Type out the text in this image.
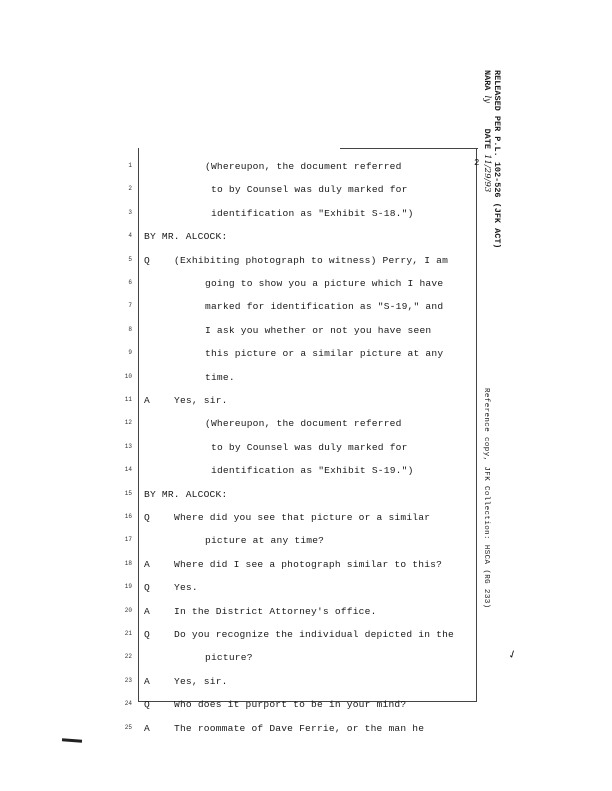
2 RELEASED PER P.L. 102-526 (JFK ACT)
NARA ly     DATE 11/29/93
Reference copy, JFK Collection: HSCA (RG 233)
✓
1	(Whereupon, the document referred
2	to by Counsel was duly marked for
3	identification as "Exhibit S-18.")
4 BY MR. ALCOCK:
5 Q	(Exhibiting photograph to witness) Perry, I am
6	going to show you a picture which I have
7	marked for identification as "S-19," and
8	I ask you whether or not you have seen
9	this picture or a similar picture at any
10	time.
11 A	Yes, sir.
12	(Whereupon, the document referred
13	to by Counsel was duly marked for
14	identification as "Exhibit S-19.")
15 BY MR. ALCOCK:
16 Q	Where did you see that picture or a similar
17	picture at any time?
18 A	Where did I see a photograph similar to this?
19 Q	Yes.
20 A	In the District Attorney's office.
21 Q	Do you recognize the individual depicted in the
22	picture?
23 A	Yes, sir.
24 Q	Who does it purport to be in your mind?
25 A	The roommate of Dave Ferrie, or the man he
